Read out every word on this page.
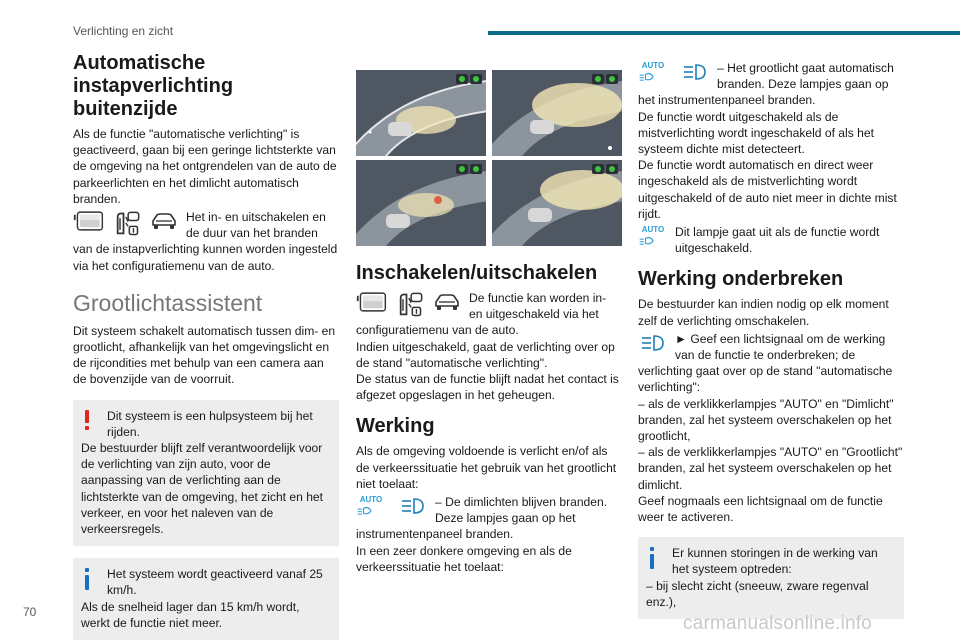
Verlichting en zicht
Automatische instapverlichting buitenzijde

Als de functie "automatische verlichting" is geactiveerd, gaan bij een geringe lichtsterkte van de omgeving na het ontgrendelen van de auto de parkeerlichten en het dimlicht automatisch branden.

Het in- en uitschakelen en de duur van het branden

van de instapverlichting kunnen worden ingesteld via het configuratiemenu van de auto.

Grootlichtassistent

Dit systeem schakelt automatisch tussen dim- en grootlicht, afhankelijk van het omgevingslicht en de rijcondities met behulp van een camera aan de bovenzijde van de voorruit.

Dit systeem is een hulpsysteem bij het rijden.

De bestuurder blijft zelf verantwoordelijk voor de verlichting van zijn auto, voor de aanpassing van de verlichting aan de lichtsterkte van de omgeving, het zicht en het verkeer, en voor het naleven van de verkeersregels.

Het systeem wordt geactiveerd vanaf 25 km/h.

Als de snelheid lager dan 15 km/h wordt, werkt de functie niet meer.

Inschakelen/uitschakelen

De functie kan worden in- en uitgeschakeld via het

configuratiemenu van de auto.

Indien uitgeschakeld, gaat de verlichting over op de stand "automatische verlichting".

De status van de functie blijft nadat het contact is afgezet opgeslagen in het geheugen.

Werking

Als de omgeving voldoende is verlicht en/of als de verkeerssituatie het gebruik van het grootlicht niet toelaat:

AUTO	– De dimlichten blijven branden. Deze lampjes gaan op het

instrumentenpaneel branden.

In een zeer donkere omgeving en als de verkeerssituatie het toelaat:

AUTO	– Het grootlicht gaat automatisch branden. Deze lampjes gaan op

het instrumentenpaneel branden.

De functie wordt uitgeschakeld als de mistverlichting wordt ingeschakeld of als het systeem dichte mist detecteert.

De functie wordt automatisch en direct weer ingeschakeld als de mistverlichting wordt uitgeschakeld of de auto niet meer in dichte mist rijdt.

AUTO Dit lampje gaat uit als de functie wordt uitgeschakeld.

Werking onderbreken

De bestuurder kan indien nodig op elk moment zelf de verlichting omschakelen.

► Geef een lichtsignaal om de werking van de functie te onderbreken; de

verlichting gaat over op de stand "automatische verlichting":

– als de verklikkerlampjes "AUTO" en "Dimlicht" branden, zal het systeem overschakelen op het grootlicht,

– als de verklikkerlampjes "AUTO" en "Grootlicht" branden, zal het systeem overschakelen op het dimlicht.

Geef nogmaals een lichtsignaal om de functie weer te activeren.

Er kunnen storingen in de werking van het systeem optreden:

– bij slecht zicht (sneeuw, zware regenval enz.),

70
carmanualsonline.info
